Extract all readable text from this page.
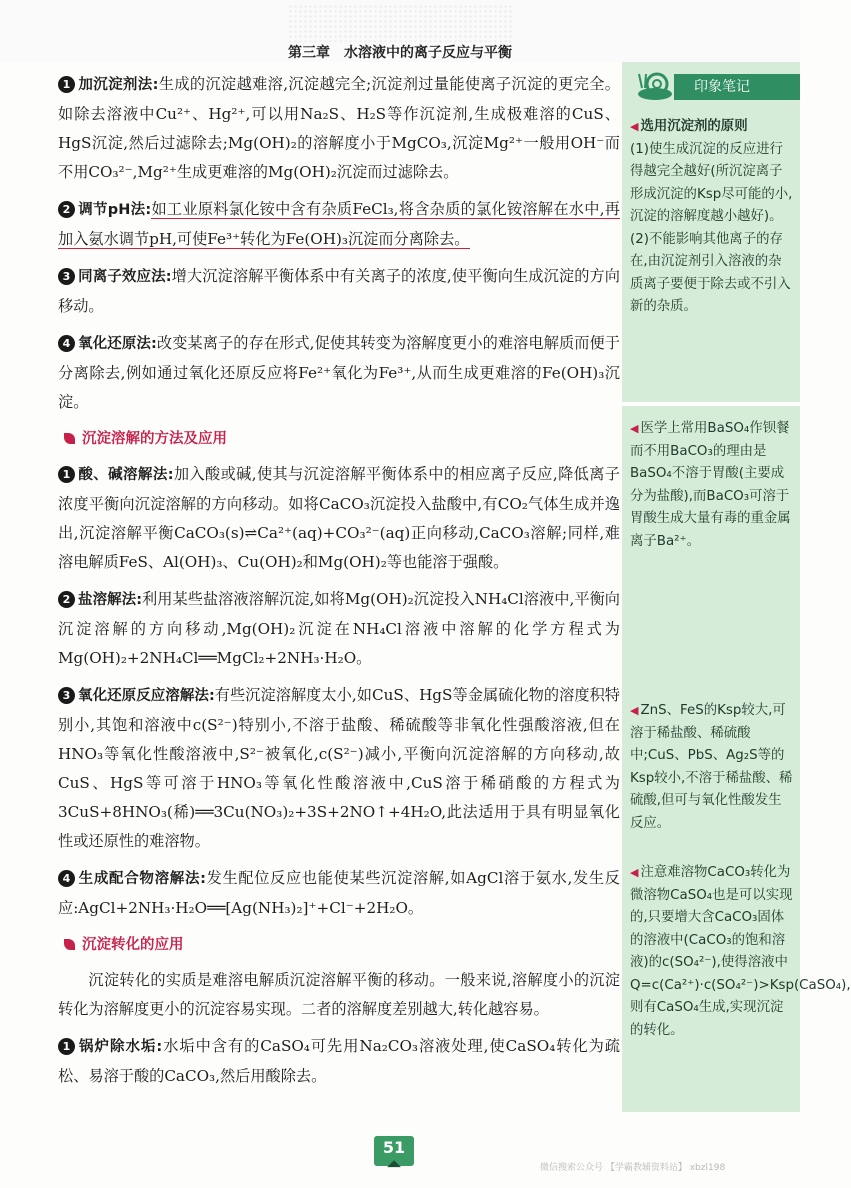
第三章　水溶液中的离子反应与平衡

1 加沉淀剂法:生成的沉淀越难溶,沉淀越完全;沉淀剂过量能使离子沉淀的更完全。如除去溶液中Cu²⁺、Hg²⁺,可以用Na₂S、H₂S等作沉淀剂,生成极难溶的CuS、HgS沉淀,然后过滤除去;Mg(OH)₂的溶解度小于MgCO₃,沉淀Mg²⁺一般用OH⁻而不用CO₃²⁻,Mg²⁺生成更难溶的Mg(OH)₂沉淀而过滤除去。

2 调节pH法:如工业原料氯化铵中含有杂质FeCl₃,将含杂质的氯化铵溶解在水中,再加入氨水调节pH,可使Fe³⁺转化为Fe(OH)₃沉淀而分离除去。

3 同离子效应法:增大沉淀溶解平衡体系中有关离子的浓度,使平衡向生成沉淀的方向移动。

4 氧化还原法:改变某离子的存在形式,促使其转变为溶解度更小的难溶电解质而便于分离除去,例如通过氧化还原反应将Fe²⁺氧化为Fe³⁺,从而生成更难溶的Fe(OH)₃沉淀。

沉淀溶解的方法及应用

1 酸、碱溶解法:加入酸或碱,使其与沉淀溶解平衡体系中的相应离子反应,降低离子浓度平衡向沉淀溶解的方向移动。如将CaCO₃沉淀投入盐酸中,有CO₂气体生成并逸出,沉淀溶解平衡CaCO₃(s)⇌Ca²⁺(aq)+CO₃²⁻(aq)正向移动,CaCO₃溶解;同样,难溶电解质FeS、Al(OH)₃、Cu(OH)₂和Mg(OH)₂等也能溶于强酸。

2 盐溶解法:利用某些盐溶液溶解沉淀,如将Mg(OH)₂沉淀投入NH₄Cl溶液中,平衡向沉淀溶解的方向移动,Mg(OH)₂沉淀在NH₄Cl溶液中溶解的化学方程式为Mg(OH)₂+2NH₄Cl══MgCl₂+2NH₃·H₂O。

3 氧化还原反应溶解法:有些沉淀溶解度太小,如CuS、HgS等金属硫化物的溶度积特别小,其饱和溶液中c(S²⁻)特别小,不溶于盐酸、稀硫酸等非氧化性强酸溶液,但在HNO₃等氧化性酸溶液中,S²⁻被氧化,c(S²⁻)减小,平衡向沉淀溶解的方向移动,故CuS、HgS等可溶于HNO₃等氧化性酸溶液中,CuS溶于稀硝酸的方程式为3CuS+8HNO₃(稀)══3Cu(NO₃)₂+3S+2NO↑+4H₂O,此法适用于具有明显氧化性或还原性的难溶物。

4 生成配合物溶解法:发生配位反应也能使某些沉淀溶解,如AgCl溶于氨水,发生反应:AgCl+2NH₃·H₂O══[Ag(NH₃)₂]⁺+Cl⁻+2H₂O。

沉淀转化的应用

沉淀转化的实质是难溶电解质沉淀溶解平衡的移动。一般来说,溶解度小的沉淀转化为溶解度更小的沉淀容易实现。二者的溶解度差别越大,转化越容易。

1 锅炉除水垢:水垢中含有的CaSO₄可先用Na₂CO₃溶液处理,使CaSO₄转化为疏松、易溶于酸的CaCO₃,然后用酸除去。

印象笔记

◀ 选用沉淀剂的原则

(1)使生成沉淀的反应进行得越完全越好(所沉淀离子形成沉淀的K⁠sp尽可能的小,沉淀的溶解度越小越好)。

(2)不能影响其他离子的存在,由沉淀剂引入溶液的杂质离子要便于除去或不引入新的杂质。

◀ 医学上常用BaSO₄作钡餐而不用BaCO₃的理由是BaSO₄不溶于胃酸(主要成分为盐酸),而BaCO₃可溶于胃酸生成大量有毒的重金属离子Ba²⁺。

◀ ZnS、FeS的Ksp较大,可溶于稀盐酸、稀硫酸中;CuS、PbS、Ag₂S等的Ksp较小,不溶于稀盐酸、稀硫酸,但可与氧化性酸发生反应。

◀ 注意难溶物CaCO₃转化为微溶物CaSO₄也是可以实现的,只要增大含CaCO₃固体的溶液中(CaCO₃的饱和溶液)的c(SO₄²⁻),使得溶液中Q=c(Ca²⁺)·c(SO₄²⁻)>Ksp(CaSO₄),则有CaSO₄生成,实现沉淀的转化。

51
◢◣	微信搜索公众号 【学霸教辅资料站】 xbzl198
